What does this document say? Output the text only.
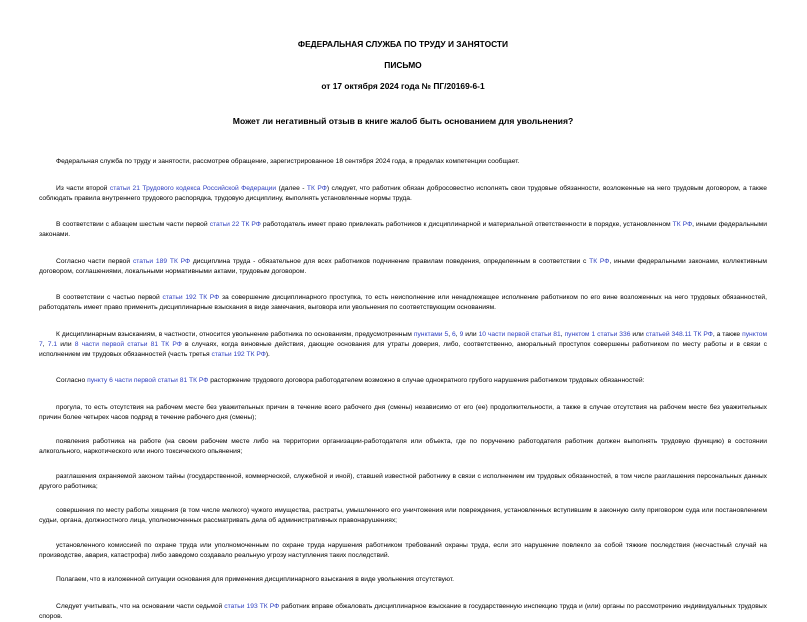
ФЕДЕРАЛЬНАЯ СЛУЖБА ПО ТРУДУ И ЗАНЯТОСТИ
ПИСЬМО
от 17 октября 2024 года № ПГ/20169-6-1
Может ли негативный отзыв в книге жалоб быть основанием для увольнения?

Федеральная служба по труду и занятости, рассмотрев обращение, зарегистрированное 18 сентября 2024 года, в пределах компетенции сообщает.

Из части второй статьи 21 Трудового кодекса Российской Федерации (далее - ТК РФ) следует, что работник обязан добросовестно исполнять свои трудовые обязанности, возложенные на него трудовым договором, а также соблюдать правила внутреннего трудового распорядка, трудовую дисциплину, выполнять установленные нормы труда.

В соответствии с абзацем шестым части первой статьи 22 ТК РФ работодатель имеет право привлекать работников к дисциплинарной и материальной ответственности в порядке, установленном ТК РФ, иными федеральными законами.

Согласно части первой статьи 189 ТК РФ дисциплина труда - обязательное для всех работников подчинение правилам поведения, определенным в соответствии с ТК РФ, иными федеральными законами, коллективным договором, соглашениями, локальными нормативными актами, трудовым договором.

В соответствии с частью первой статьи 192 ТК РФ за совершение дисциплинарного проступка, то есть неисполнение или ненадлежащее исполнение работником по его вине возложенных на него трудовых обязанностей, работодатель имеет право применить дисциплинарные взыскания в виде замечания, выговора или увольнения по соответствующим основаниям.

К дисциплинарным взысканиям, в частности, относится увольнение работника по основаниям, предусмотренным пунктами 5, 6, 9 или 10 части первой статьи 81, пунктом 1 статьи 336 или статьей 348.11 ТК РФ, а также пунктом 7, 7.1 или 8 части первой статьи 81 ТК РФ в случаях, когда виновные действия, дающие основания для утраты доверия, либо, соответственно, аморальный проступок совершены работником по месту работы и в связи с исполнением им трудовых обязанностей (часть третья статьи 192 ТК РФ).

Согласно пункту 6 части первой статьи 81 ТК РФ расторжение трудового договора работодателем возможно в случае однократного грубого нарушения работником трудовых обязанностей:

прогула, то есть отсутствия на рабочем месте без уважительных причин в течение всего рабочего дня (смены) независимо от его (ее) продолжительности, а также в случае отсутствия на рабочем месте без уважительных причин более четырех часов подряд в течение рабочего дня (смены);

появления работника на работе (на своем рабочем месте либо на территории организации-работодателя или объекта, где по поручению работодателя работник должен выполнять трудовую функцию) в состоянии алкогольного, наркотического или иного токсического опьянения;

разглашения охраняемой законом тайны (государственной, коммерческой, служебной и иной), ставшей известной работнику в связи с исполнением им трудовых обязанностей, в том числе разглашения персональных данных другого работника;

совершения по месту работы хищения (в том числе мелкого) чужого имущества, растраты, умышленного его уничтожения или повреждения, установленных вступившим в законную силу приговором суда или постановлением судьи, органа, должностного лица, уполномоченных рассматривать дела об административных правонарушениях;

установленного комиссией по охране труда или уполномоченным по охране труда нарушения работником требований охраны труда, если это нарушение повлекло за собой тяжкие последствия (несчастный случай на производстве, авария, катастрофа) либо заведомо создавало реальную угрозу наступления таких последствий.

Полагаем, что в изложенной ситуации основания для применения дисциплинарного взыскания в виде увольнения отсутствуют.

Следует учитывать, что на основании части седьмой статьи 193 ТК РФ работник вправе обжаловать дисциплинарное взыскание в государственную инспекцию труда и (или) органы по рассмотрению индивидуальных трудовых споров.
